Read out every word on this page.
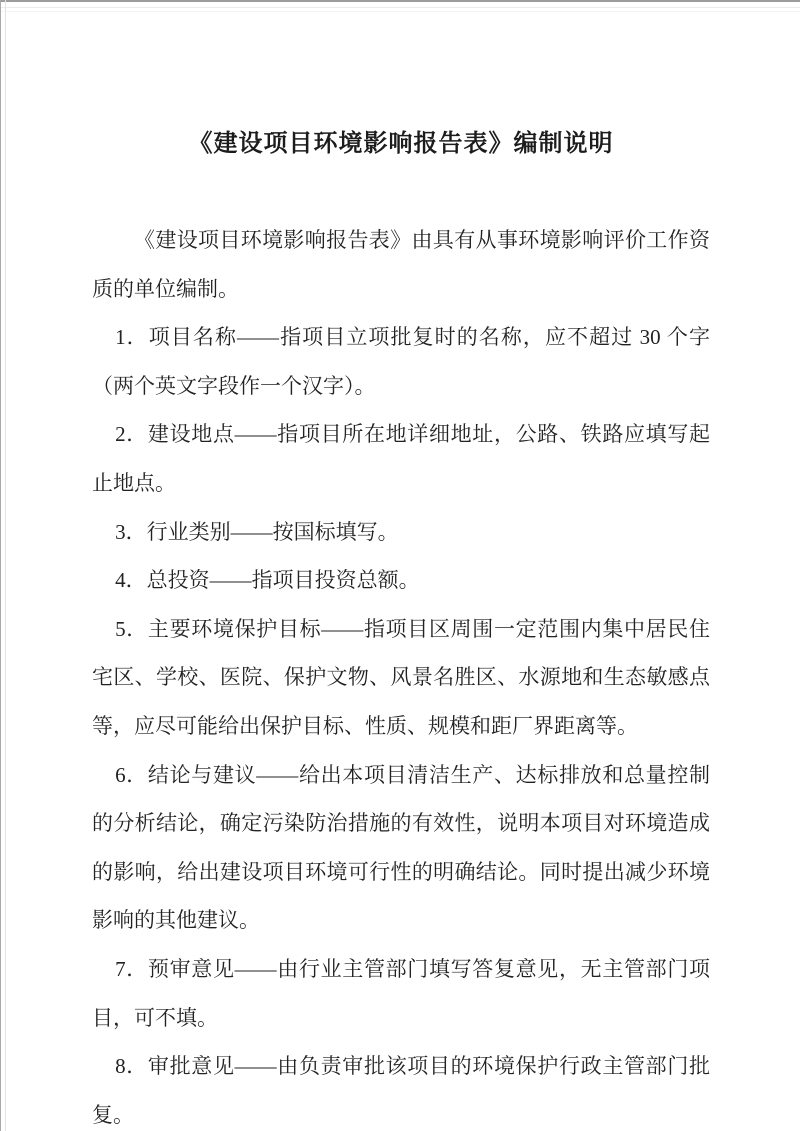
《建设项目环境影响报告表》编制说明

《建设项目环境影响报告表》由具有从事环境影响评价工作资质的单位编制。

1．项目名称——指项目立项批复时的名称，应不超过 30 个字（两个英文字段作一个汉字）。

2．建设地点——指项目所在地详细地址，公路、铁路应填写起止地点。

3．行业类别——按国标填写。

4．总投资——指项目投资总额。

5．主要环境保护目标——指项目区周围一定范围内集中居民住宅区、学校、医院、保护文物、风景名胜区、水源地和生态敏感点等，应尽可能给出保护目标、性质、规模和距厂界距离等。

6．结论与建议——给出本项目清洁生产、达标排放和总量控制的分析结论，确定污染防治措施的有效性，说明本项目对环境造成的影响，给出建设项目环境可行性的明确结论。同时提出减少环境影响的其他建议。

7．预审意见——由行业主管部门填写答复意见，无主管部门项目，可不填。

8．审批意见——由负责审批该项目的环境保护行政主管部门批复。
